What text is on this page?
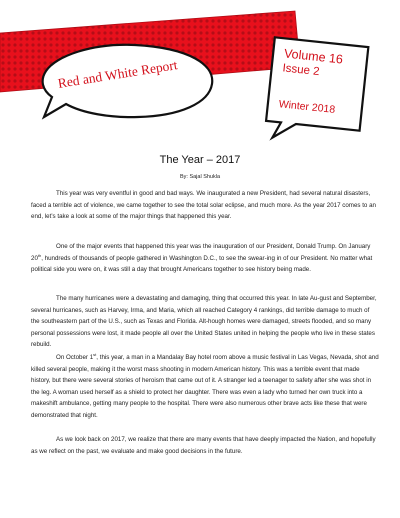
Red and White Report
Volume 16
Issue 2
Winter 2018
The Year – 2017
By: Sajal Shukla

This year was very eventful in good and bad ways. We inaugurated a new President, had several natural disasters, faced a terrible act of violence, we came together to see the total solar eclipse, and much more. As the year 2017 comes to an end, let’s take a look at some of the major things that happened this year.

One of the major events that happened this year was the inauguration of our President, Donald Trump. On January 20th, hundreds of thousands of people gathered in Washington D.C., to see the swear-ing in of our President. No matter what political side you were on, it was still a day that brought Americans together to see history being made.

The many hurricanes were a devastating and damaging, thing that occurred this year. In late Au-gust and September, several hurricanes, such as Harvey, Irma, and Maria, which all reached Category 4 rankings, did terrible damage to much of the southeastern part of the U.S., such as Texas and Florida. Alt-hough homes were damaged, streets flooded, and so many personal possessions were lost, it made people all over the United States united in helping the people who live in these states rebuild.

On October 1st, this year, a man in a Mandalay Bay hotel room above a music festival in Las Vegas, Nevada, shot and killed several people, making it the worst mass shooting in modern American history. This was a terrible event that made history, but there were several stories of heroism that came out of it. A stranger led a teenager to safety after she was shot in the leg. A woman used herself as a shield to protect her daughter. There was even a lady who turned her own truck into a makeshift ambulance, getting many people to the hospital. There were also numerous other brave acts like these that were demonstrated that night.

As we look back on 2017, we realize that there are many events that have deeply impacted the Nation, and hopefully as we reflect on the past, we evaluate and make good decisions in the future.
